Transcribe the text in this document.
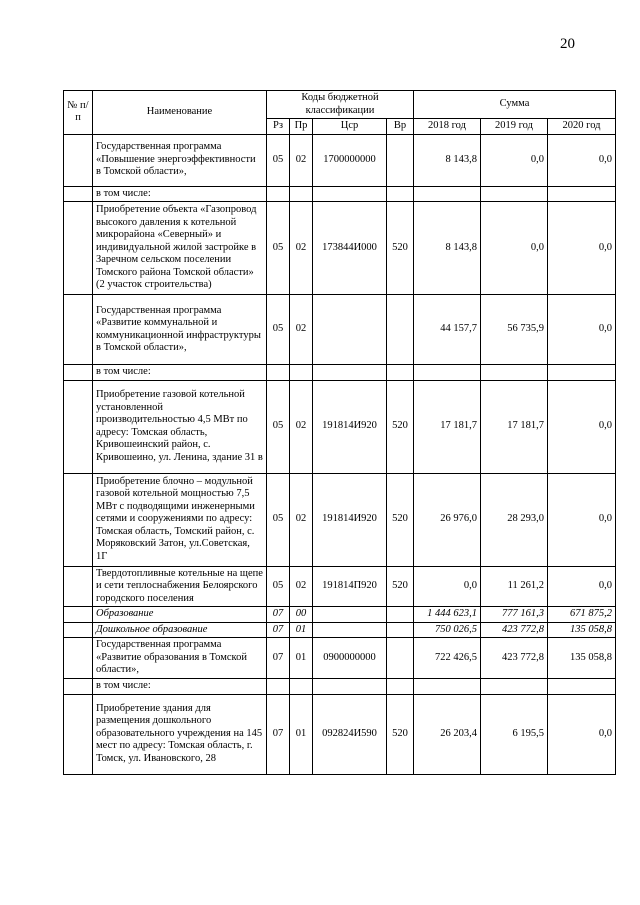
20
№ п/п	Наименование	Коды бюджетной классификации				Сумма		
		Рз	Пр	Цср	Вр	2018 год	2019 год	2020 год
	Государственная программа «Повышение энергоэффективности в Томской области»,	05	02	1700000000		8 143,8	0,0	0,0
	в том числе:							
	Приобретение объекта «Газопровод высокого давления к котельной микрорайона «Северный» и индивидуальной жилой застройке в Заречном сельском поселении Томского района Томской области» (2 участок строительства)	05	02	173844И000	520	8 143,8	0,0	0,0
	Государственная программа «Развитие коммунальной и коммуникационной инфраструктуры в Томской области»,	05	02			44 157,7	56 735,9	0,0
	в том числе:							
	Приобретение газовой котельной установленной производительностью 4,5 МВт по адресу: Томская область, Кривошеинский район, с. Кривошеино, ул. Ленина, здание 31 в	05	02	191814И920	520	17 181,7	17 181,7	0,0
	Приобретение блочно – модульной газовой котельной мощностью 7,5 МВт с подводящими инженерными сетями и сооружениями по адресу: Томская область, Томский район, с. Моряковский Затон, ул.Советская, 1Г	05	02	191814И920	520	26 976,0	28 293,0	0,0
	Твердотопливные котельные на щепе и сети теплоснабжения Белоярского городского поселения	05	02	191814П920	520	0,0	11 261,2	0,0
	Образование	07	00			1 444 623,1	777 161,3	671 875,2
	Дошкольное образование	07	01			750 026,5	423 772,8	135 058,8
	Государственная программа «Развитие образования в Томской области»,	07	01	0900000000		722 426,5	423 772,8	135 058,8
	в том числе:							
	Приобретение здания для размещения дошкольного образовательного учреждения на 145 мест по адресу: Томская область, г. Томск, ул. Ивановского, 28	07	01	092824И590	520	26 203,4	6 195,5	0,0
